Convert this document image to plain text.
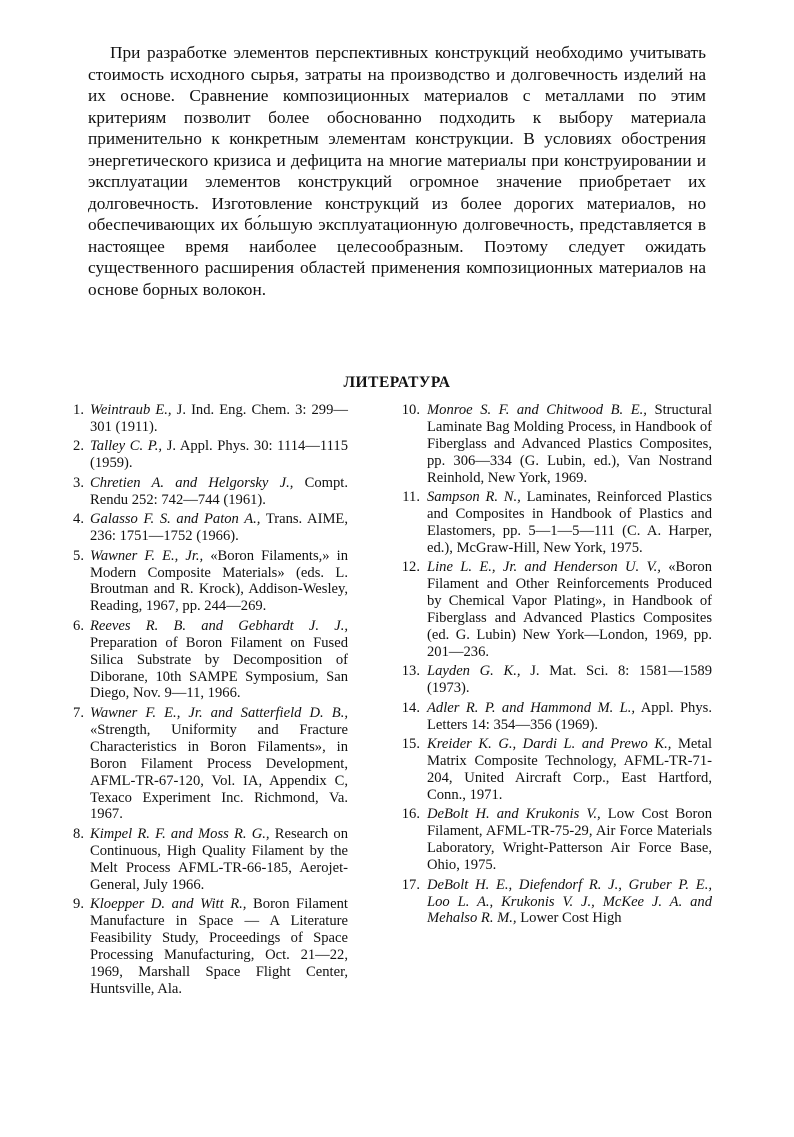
При разработке элементов перспективных конструкций необходимо учитывать стоимость исходного сырья, затраты на производство и долговечность изделий на их основе. Сравнение композиционных материалов с металлами по этим критериям позволит более обоснованно подходить к выбору материала применительно к конкретным элементам конструкции. В условиях обострения энергетического кризиса и дефицита на многие материалы при конструировании и эксплуатации элементов конструкций огромное значение приобретает их долговечность. Изготовление конструкций из более дорогих материалов, но обеспечивающих их бо́льшую эксплуатационную долговечность, представляется в настоящее время наиболее целесообразным. Поэтому следует ожидать существенного расширения областей применения композиционных материалов на основе борных волокон.

ЛИТЕРАТУРА
1. Weintraub E., J. Ind. Eng. Chem. 3: 299—301 (1911).
2. Talley C. P., J. Appl. Phys. 30: 1114—1115 (1959).
3. Chretien A. and Helgorsky J., Compt. Rendu 252: 742—744 (1961).
4. Galasso F. S. and Paton A., Trans. AIME, 236: 1751—1752 (1966).
5. Wawner F. E., Jr., «Boron Filaments,» in Modern Composite Materials» (eds. L. Broutman and R. Krock), Addison-Wesley, Reading, 1967, pp. 244—269.
6. Reeves R. B. and Gebhardt J. J., Preparation of Boron Filament on Fused Silica Substrate by Decomposition of Diborane, 10th SAMPE Symposium, San Diego, Nov. 9—11, 1966.
7. Wawner F. E., Jr. and Satterfield D. B., «Strength, Uniformity and Fracture Characteristics in Boron Filaments», in Boron Filament Process Development, AFML-TR-67-120, Vol. IA, Appendix C, Texaco Experiment Inc. Richmond, Va. 1967.
8. Kimpel R. F. and Moss R. G., Research on Continuous, High Quality Filament by the Melt Process AFML-TR-66-185, Aerojet-General, July 1966.
9. Kloepper D. and Witt R., Boron Filament Manufacture in Space — A Literature Feasibility Study, Proceedings of Space Processing Manufacturing, Oct. 21—22, 1969, Marshall Space Flight Center, Huntsville, Ala.
10. Monroe S. F. and Chitwood B. E., Structural Laminate Bag Molding Process, in Handbook of Fiberglass and Advanced Plastics Composites, pp. 306—334 (G. Lubin, ed.), Van Nostrand Reinhold, New York, 1969.
11. Sampson R. N., Laminates, Reinforced Plastics and Composites in Handbook of Plastics and Elastomers, pp. 5—1—5—111 (C. A. Harper, ed.), McGraw-Hill, New York, 1975.
12. Line L. E., Jr. and Henderson U. V., «Boron Filament and Other Reinforcements Produced by Chemical Vapor Plating», in Handbook of Fiberglass and Advanced Plastics Composites (ed. G. Lubin) New York—London, 1969, pp. 201—236.
13. Layden G. K., J. Mat. Sci. 8: 1581—1589 (1973).
14. Adler R. P. and Hammond M. L., Appl. Phys. Letters 14: 354—356 (1969).
15. Kreider K. G., Dardi L. and Prewo K., Metal Matrix Composite Technology, AFML-TR-71-204, United Aircraft Corp., East Hartford, Conn., 1971.
16. DeBolt H. and Krukonis V., Low Cost Boron Filament, AFML-TR-75-29, Air Force Materials Laboratory, Wright-Patterson Air Force Base, Ohio, 1975.
17. DeBolt H. E., Diefendorf R. J., Gruber P. E., Loo L. A., Krukonis V. J., McKee J. A. and Mehalso R. M., Lower Cost High
